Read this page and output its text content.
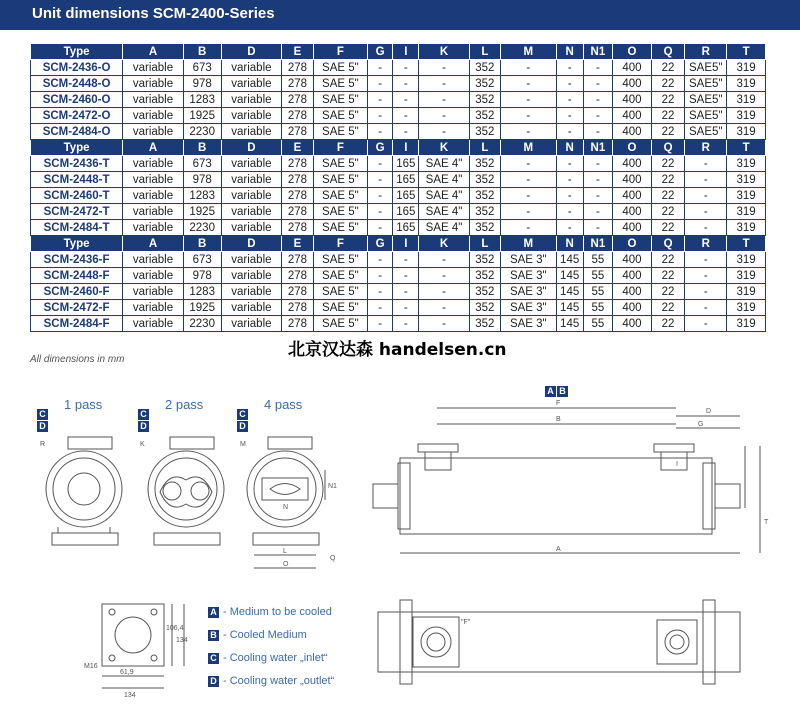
Unit dimensions SCM-2400-Series
Type	A	B	D	E	F	G	I	K	L	M	N	N1	O	Q	R	T
SCM-2436-O	variable	673	variable	278	SAE 5"	-	-	-	352	-	-	-	400	22	SAE5"	319
SCM-2448-O	variable	978	variable	278	SAE 5"	-	-	-	352	-	-	-	400	22	SAE5"	319
SCM-2460-O	variable	1283	variable	278	SAE 5"	-	-	-	352	-	-	-	400	22	SAE5"	319
SCM-2472-O	variable	1925	variable	278	SAE 5"	-	-	-	352	-	-	-	400	22	SAE5"	319
SCM-2484-O	variable	2230	variable	278	SAE 5"	-	-	-	352	-	-	-	400	22	SAE5"	319
Type	A	B	D	E	F	G	I	K	L	M	N	N1	O	Q	R	T
SCM-2436-T	variable	673	variable	278	SAE 5"	-	165	SAE 4"	352	-	-	-	400	22	-	319
SCM-2448-T	variable	978	variable	278	SAE 5"	-	165	SAE 4"	352	-	-	-	400	22	-	319
SCM-2460-T	variable	1283	variable	278	SAE 5"	-	165	SAE 4"	352	-	-	-	400	22	-	319
SCM-2472-T	variable	1925	variable	278	SAE 5"	-	165	SAE 4"	352	-	-	-	400	22	-	319
SCM-2484-T	variable	2230	variable	278	SAE 5"	-	165	SAE 4"	352	-	-	-	400	22	-	319
Type	A	B	D	E	F	G	I	K	L	M	N	N1	O	Q	R	T
SCM-2436-F	variable	673	variable	278	SAE 5"	-	-	-	352	SAE 3"	145	55	400	22	-	319
SCM-2448-F	variable	978	variable	278	SAE 5"	-	-	-	352	SAE 3"	145	55	400	22	-	319
SCM-2460-F	variable	1283	variable	278	SAE 5"	-	-	-	352	SAE 3"	145	55	400	22	-	319
SCM-2472-F	variable	1925	variable	278	SAE 5"	-	-	-	352	SAE 3"	145	55	400	22	-	319
SCM-2484-F	variable	2230	variable	278	SAE 5"	-	-	-	352	SAE 3"	145	55	400	22	-	319
All dimensions in mm	北京汉达森 handelsen.cn
C
D
C
D
C
D
A B
1 pass	2 pass	4 pass
R	K	M
N
N1
L
O
Q
F
B
D
G
I
T
A
"F"
106,4
134
61,9
134
M16
A - Medium to be cooled
B - Cooled Medium
C - Cooling water „inlet“
D - Cooling water „outlet“
